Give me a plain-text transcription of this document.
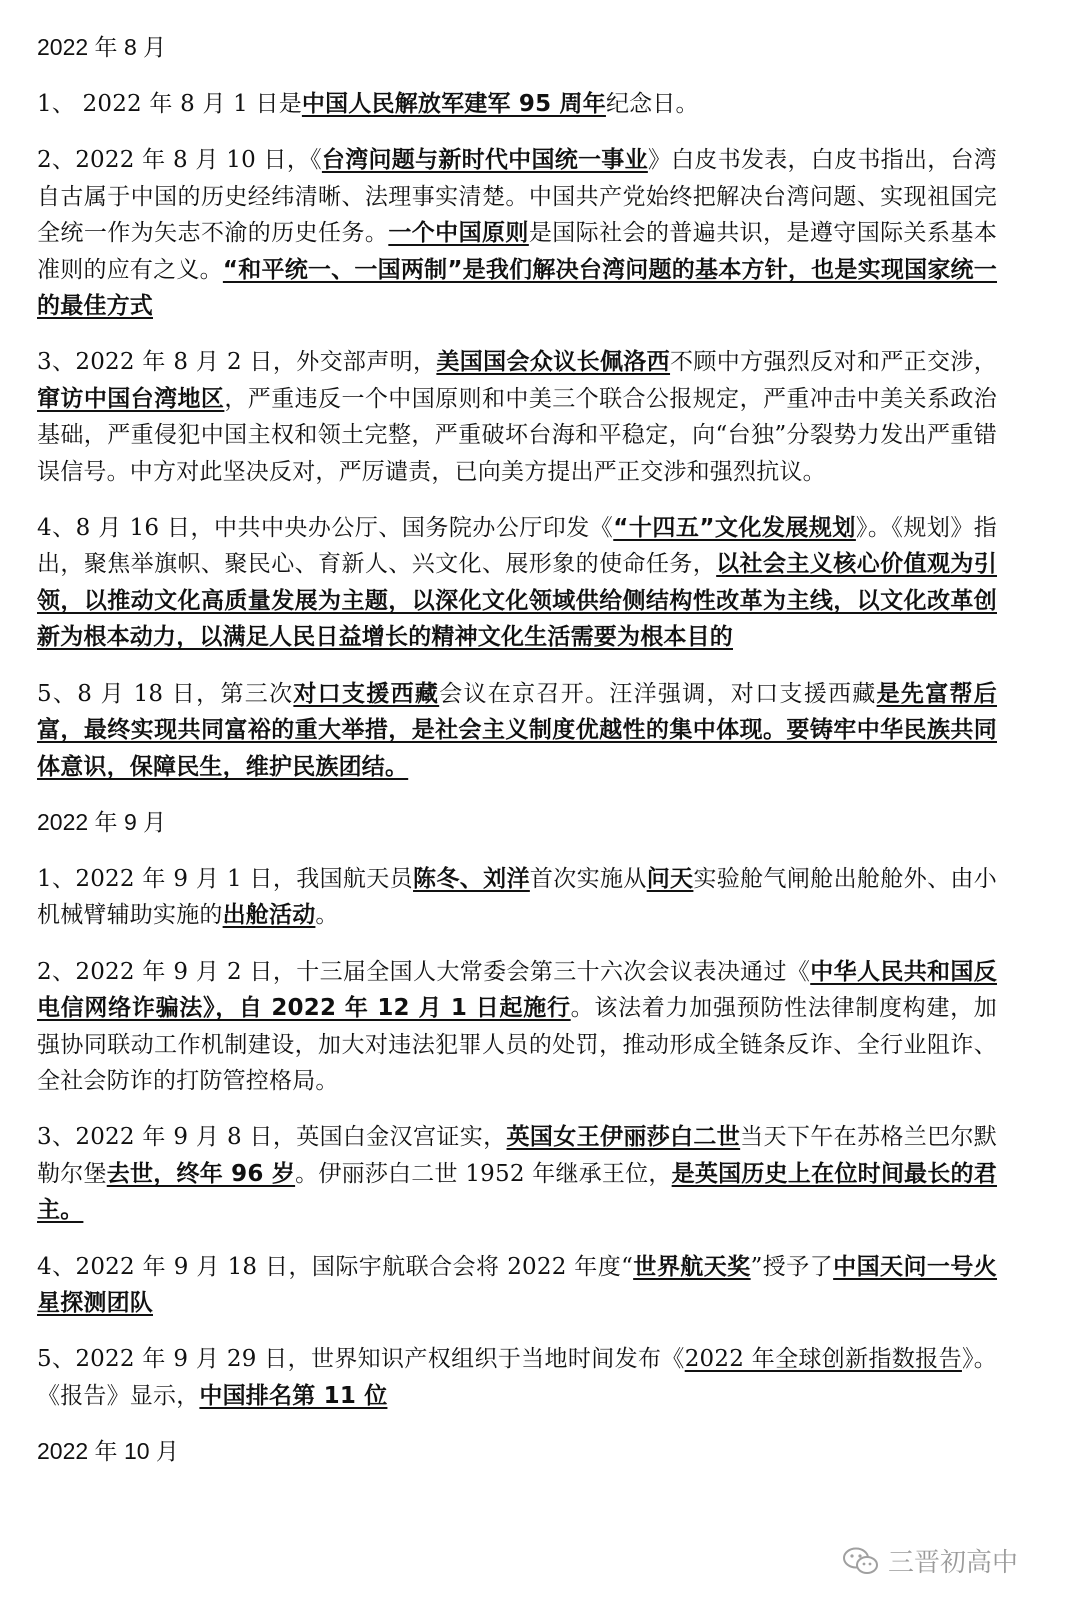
2022 年 8 月

1、 2022 年 8 月 1 日是中国人民解放军建军 95 周年纪念日。

2、2022 年 8 月 10 日，《台湾问题与新时代中国统一事业》白皮书发表，白皮书指出，台湾自古属于中国的历史经纬清晰、法理事实清楚。中国共产党始终把解决台湾问题、实现祖国完全统一作为矢志不渝的历史任务。一个中国原则是国际社会的普遍共识，是遵守国际关系基本准则的应有之义。“和平统一、一国两制”是我们解决台湾问题的基本方针，也是实现国家统一的最佳方式

3、2022 年 8 月 2 日，外交部声明，美国国会众议长佩洛西不顾中方强烈反对和严正交涉，窜访中国台湾地区，严重违反一个中国原则和中美三个联合公报规定，严重冲击中美关系政治基础，严重侵犯中国主权和领土完整，严重破坏台海和平稳定，向“台独”分裂势力发出严重错误信号。中方对此坚决反对，严厉谴责，已向美方提出严正交涉和强烈抗议。

4、8 月 16 日，中共中央办公厅、国务院办公厅印发《“十四五”文化发展规划》。《规划》指出，聚焦举旗帜、聚民心、育新人、兴文化、展形象的使命任务，以社会主义核心价值观为引领，以推动文化高质量发展为主题，以深化文化领域供给侧结构性改革为主线，以文化改革创新为根本动力，以满足人民日益增长的精神文化生活需要为根本目的

5、8 月 18 日，第三次对口支援西藏会议在京召开。汪洋强调，对口支援西藏是先富帮后富，最终实现共同富裕的重大举措，是社会主义制度优越性的集中体现。要铸牢中华民族共同体意识，保障民生，维护民族团结。

2022 年 9 月

1、2022 年 9 月 1 日，我国航天员陈冬、刘洋首次实施从问天实验舱气闸舱出舱舱外、由小机械臂辅助实施的出舱活动。

2、2022 年 9 月 2 日，十三届全国人大常委会第三十六次会议表决通过《中华人民共和国反电信网络诈骗法》，自 2022 年 12 月 1 日起施行。该法着力加强预防性法律制度构建，加强协同联动工作机制建设，加大对违法犯罪人员的处罚，推动形成全链条反诈、全行业阻诈、全社会防诈的打防管控格局。

3、2022 年 9 月 8 日，英国白金汉宫证实，英国女王伊丽莎白二世当天下午在苏格兰巴尔默勒尔堡去世，终年 96 岁。伊丽莎白二世 1952 年继承王位，是英国历史上在位时间最长的君主。

4、2022 年 9 月 18 日，国际宇航联合会将 2022 年度“世界航天奖”授予了中国天问一号火星探测团队

5、2022 年 9 月 29 日，世界知识产权组织于当地时间发布《2022 年全球创新指数报告》。《报告》显示，中国排名第 11 位

2022 年 10 月
三晋初高中
